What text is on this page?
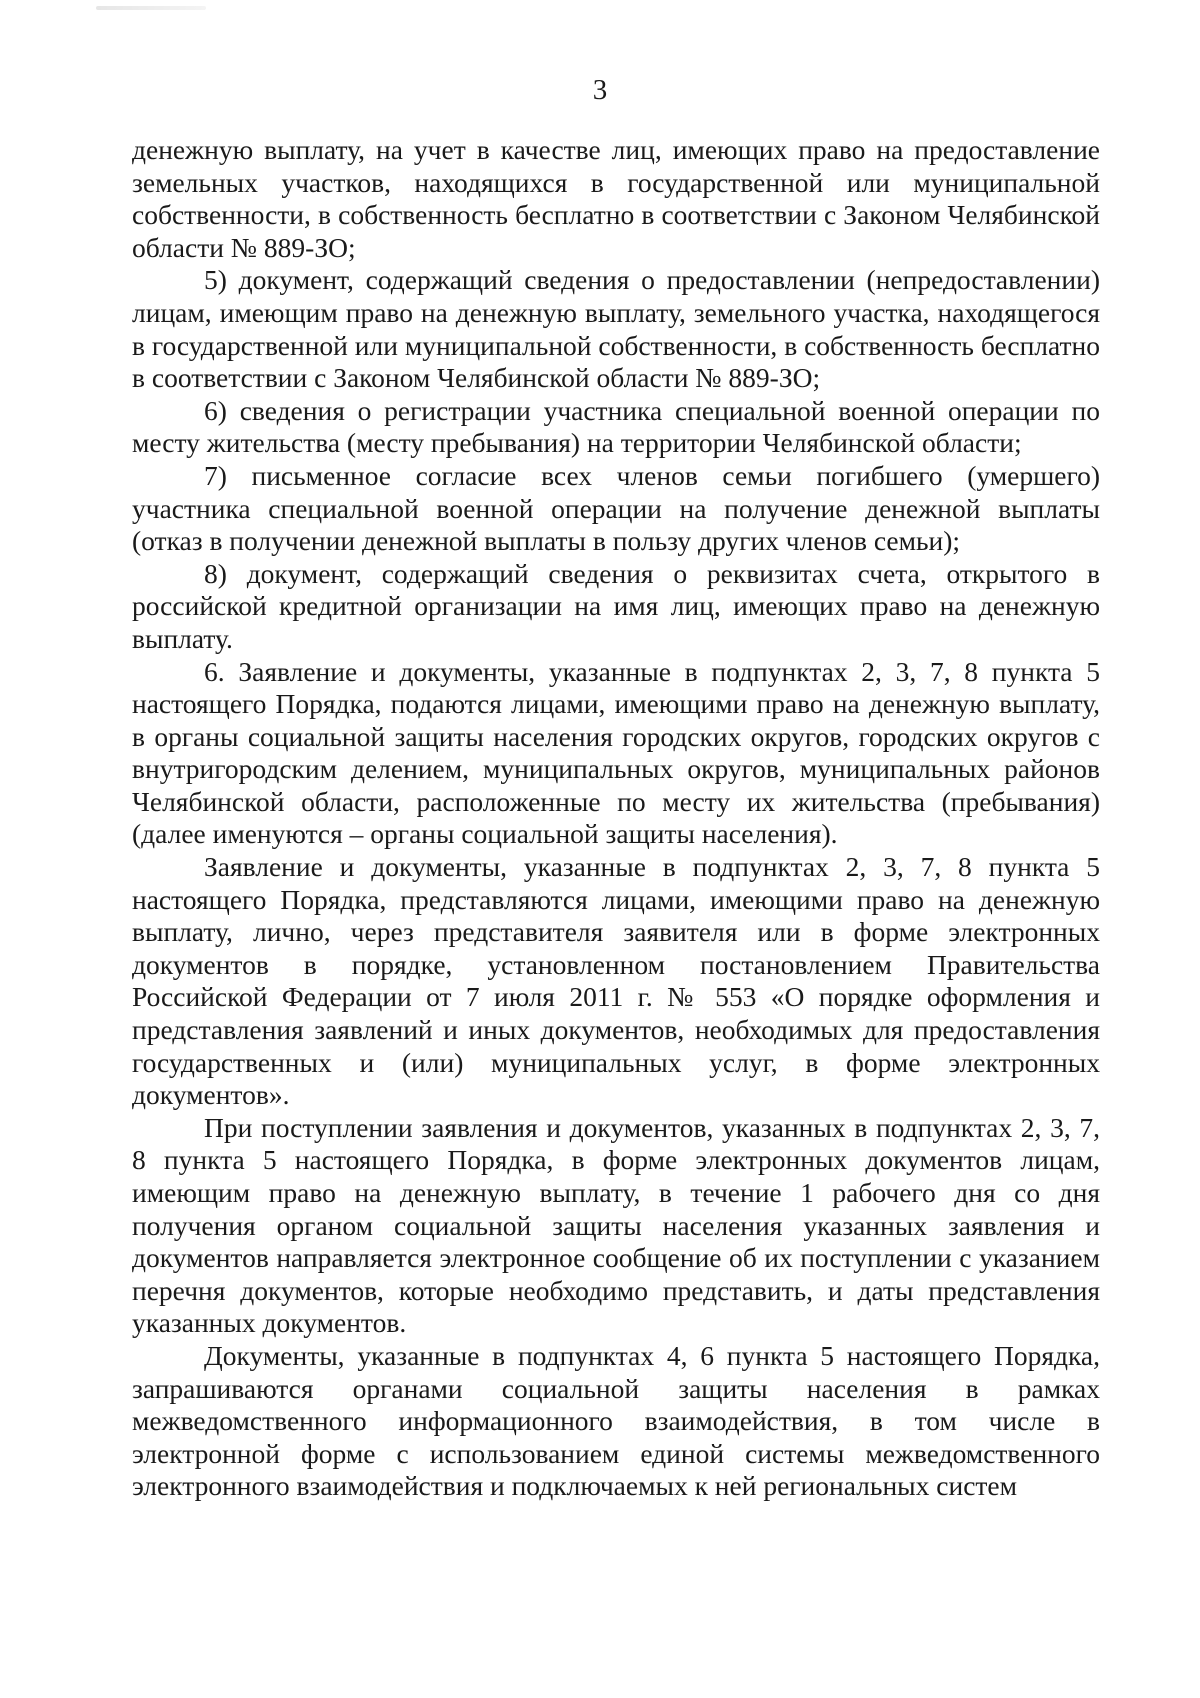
3

денежную выплату, на учет в качестве лиц, имеющих право на предоставление земельных участков, находящихся в государственной или муниципальной собственности, в собственность бесплатно в соответствии с Законом Челябинской области № 889-ЗО;

5) документ, содержащий сведения о предоставлении (непредоставлении) лицам, имеющим право на денежную выплату, земельного участка, находящегося в государственной или муниципальной собственности, в собственность бесплатно в соответствии с Законом Челябинской области № 889-ЗО;

6) сведения о регистрации участника специальной военной операции по месту жительства (месту пребывания) на территории Челябинской области;

7) письменное согласие всех членов семьи погибшего (умершего) участника специальной военной операции на получение денежной выплаты (отказ в получении денежной выплаты в пользу других членов семьи);

8) документ, содержащий сведения о реквизитах счета, открытого в российской кредитной организации на имя лиц, имеющих право на денежную выплату.

6. Заявление и документы, указанные в подпунктах 2, 3, 7, 8 пункта 5 настоящего Порядка, подаются лицами, имеющими право на денежную выплату, в органы социальной защиты населения городских округов, городских округов с внутригородским делением, муниципальных округов, муниципальных районов Челябинской области, расположенные по месту их жительства (пребывания) (далее именуются – органы социальной защиты населения).

Заявление и документы, указанные в подпунктах 2, 3, 7, 8 пункта 5 настоящего Порядка, представляются лицами, имеющими право на денежную выплату, лично, через представителя заявителя или в форме электронных документов в порядке, установленном постановлением Правительства Российской Федерации от 7 июля 2011 г. № 553 «О порядке оформления и представления заявлений и иных документов, необходимых для предоставления государственных и (или) муниципальных услуг, в форме электронных документов».

При поступлении заявления и документов, указанных в подпунктах 2, 3, 7, 8 пункта 5 настоящего Порядка, в форме электронных документов лицам, имеющим право на денежную выплату, в течение 1 рабочего дня со дня получения органом социальной защиты населения указанных заявления и документов направляется электронное сообщение об их поступлении с указанием перечня документов, которые необходимо представить, и даты представления указанных документов.

Документы, указанные в подпунктах 4, 6 пункта 5 настоящего Порядка, запрашиваются органами социальной защиты населения в рамках межведомственного информационного взаимодействия, в том числе в электронной форме с использованием единой системы межведомственного электронного взаимодействия и подключаемых к ней региональных систем
